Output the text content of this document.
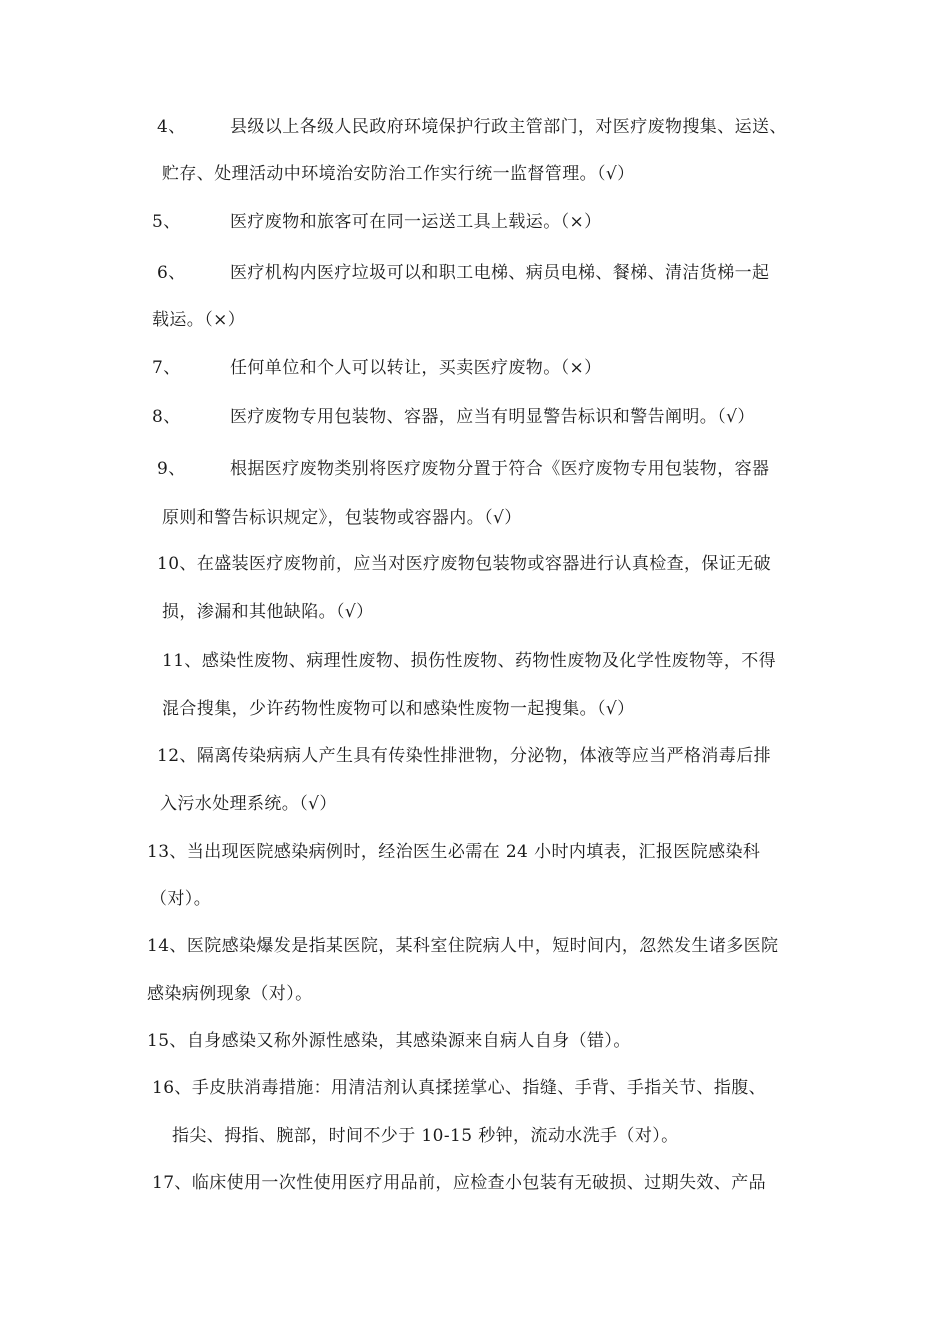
4、	县级以上各级人民政府环境保护行政主管部门，对医疗废物搜集、运送、
贮存、处理活动中环境治安防治工作实行统一监督管理。（√）
5、	医疗废物和旅客可在同一运送工具上载运。（×）
6、	医疗机构内医疗垃圾可以和职工电梯、病员电梯、餐梯、清洁货梯一起
载运。（×）
7、	任何单位和个人可以转让，买卖医疗废物。（×）
8、	医疗废物专用包装物、容器，应当有明显警告标识和警告阐明。（√）
9、	根据医疗废物类别将医疗废物分置于符合《医疗废物专用包装物，容器
原则和警告标识规定》，包装物或容器内。（√）
10、在盛装医疗废物前，应当对医疗废物包装物或容器进行认真检查，保证无破
损，渗漏和其他缺陷。（√）
11、感染性废物、病理性废物、损伤性废物、药物性废物及化学性废物等，不得
混合搜集，少许药物性废物可以和感染性废物一起搜集。（√）
12、隔离传染病病人产生具有传染性排泄物，分泌物，体液等应当严格消毒后排
入污水处理系统。（√）
13、当出现医院感染病例时，经治医生必需在 24 小时内填表，汇报医院感染科
（对）。
14、医院感染爆发是指某医院，某科室住院病人中，短时间内，忽然发生诸多医院
感染病例现象（对）。
15、自身感染又称外源性感染，其感染源来自病人自身（错）。
16、手皮肤消毒措施：用清洁剂认真揉搓掌心、指缝、手背、手指关节、指腹、
指尖、拇指、腕部，时间不少于 10-15 秒钟，流动水洗手（对）。
17、临床使用一次性使用医疗用品前，应检查小包装有无破损、过期失效、产品
